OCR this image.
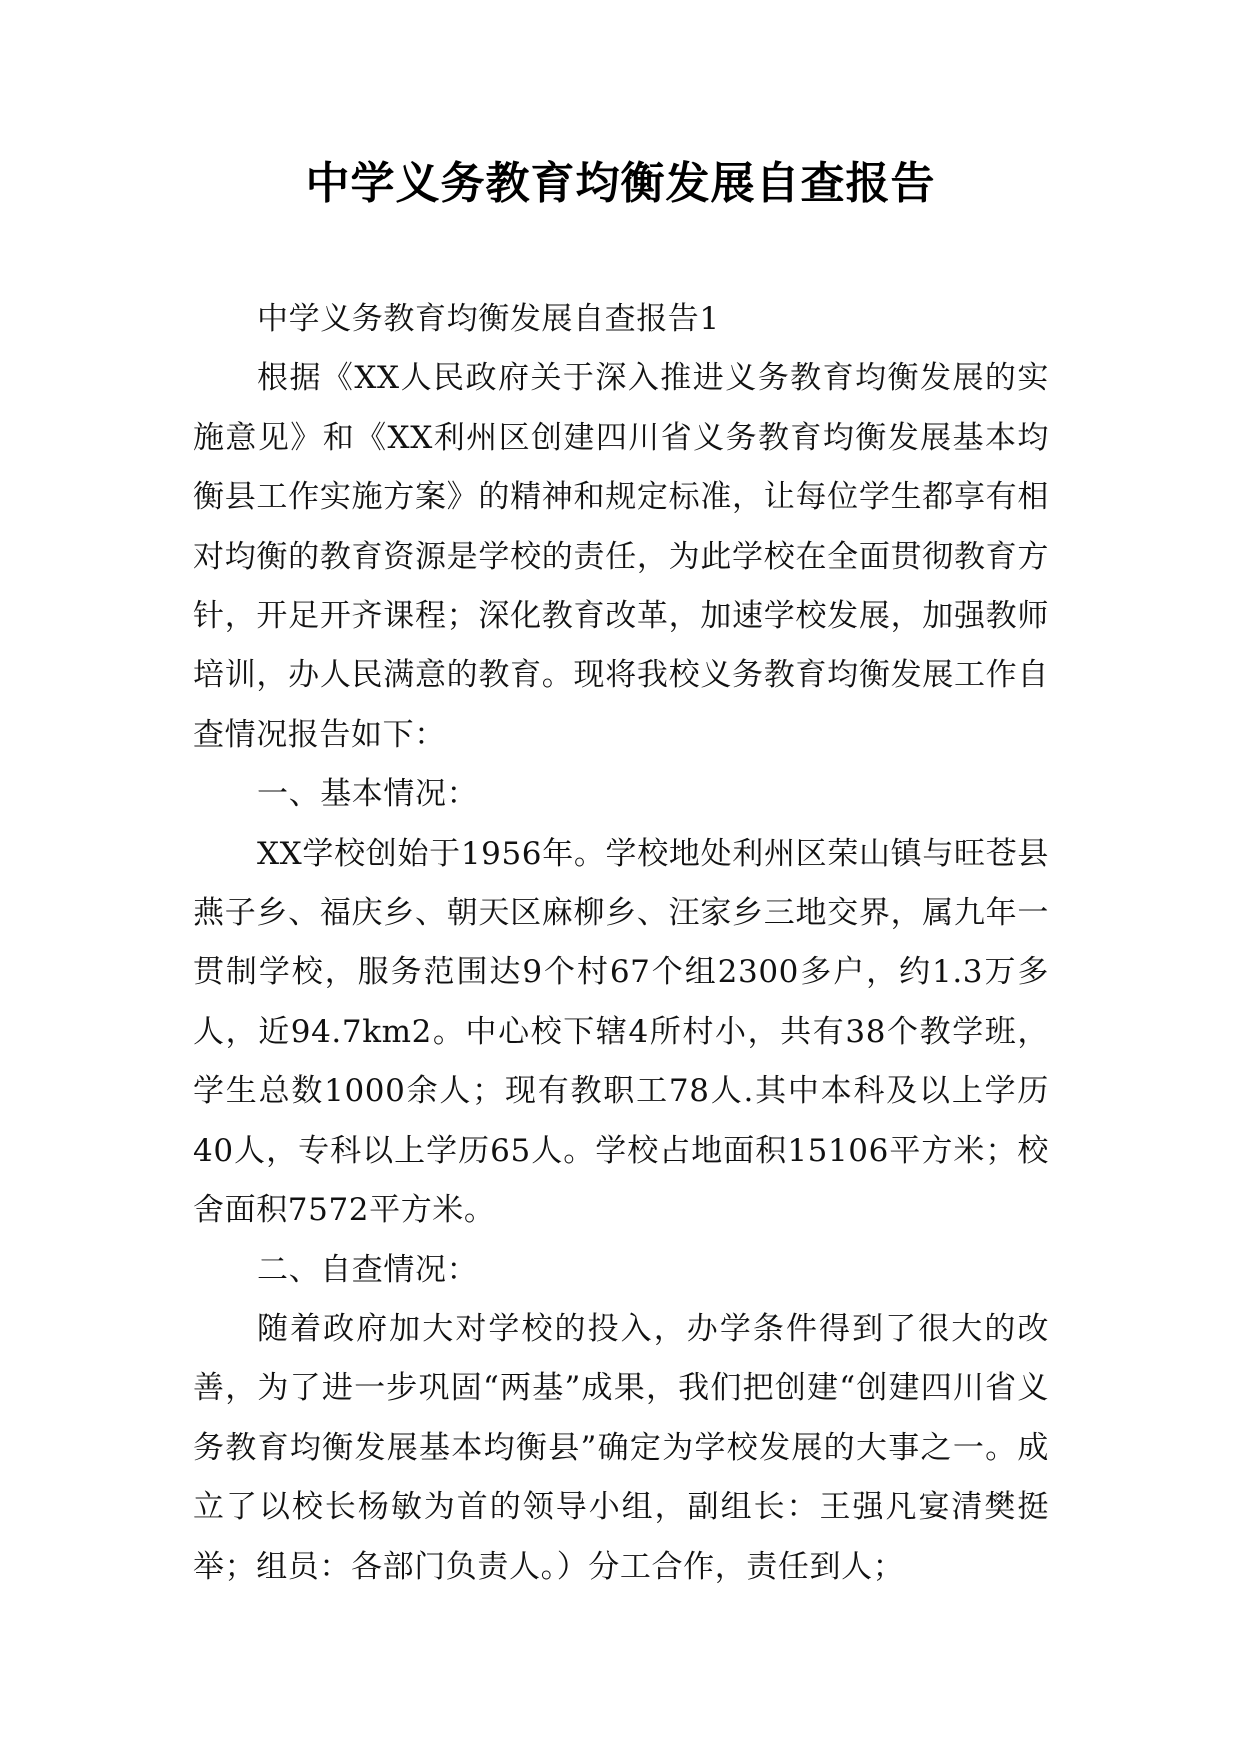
中学义务教育均衡发展自查报告

中学义务教育均衡发展自查报告1

根据《XX人民政府关于深入推进义务教育均衡发展的实施意见》和《XX利州区创建四川省义务教育均衡发展基本均衡县工作实施方案》的精神和规定标准，让每位学生都享有相对均衡的教育资源是学校的责任，为此学校在全面贯彻教育方针，开足开齐课程；深化教育改革，加速学校发展，加强教师培训，办人民满意的教育。现将我校义务教育均衡发展工作自查情况报告如下：

一、基本情况：

XX学校创始于1956年。学校地处利州区荣山镇与旺苍县燕子乡、福庆乡、朝天区麻柳乡、汪家乡三地交界，属九年一贯制学校，服务范围达9个村67个组2300多户，约1.3万多人，近94.7km2。中心校下辖4所村小，共有38个教学班，学生总数1000余人；现有教职工78人.其中本科及以上学历40人，专科以上学历65人。学校占地面积15106平方米；校舍面积7572平方米。

二、自查情况：

随着政府加大对学校的投入，办学条件得到了很大的改善，为了进一步巩固“两基”成果，我们把创建“创建四川省义务教育均衡发展基本均衡县”确定为学校发展的大事之一。成立了以校长杨敏为首的领导小组，副组长：王强凡宴清樊挺举；组员：各部门负责人。）分工合作，责任到人；
